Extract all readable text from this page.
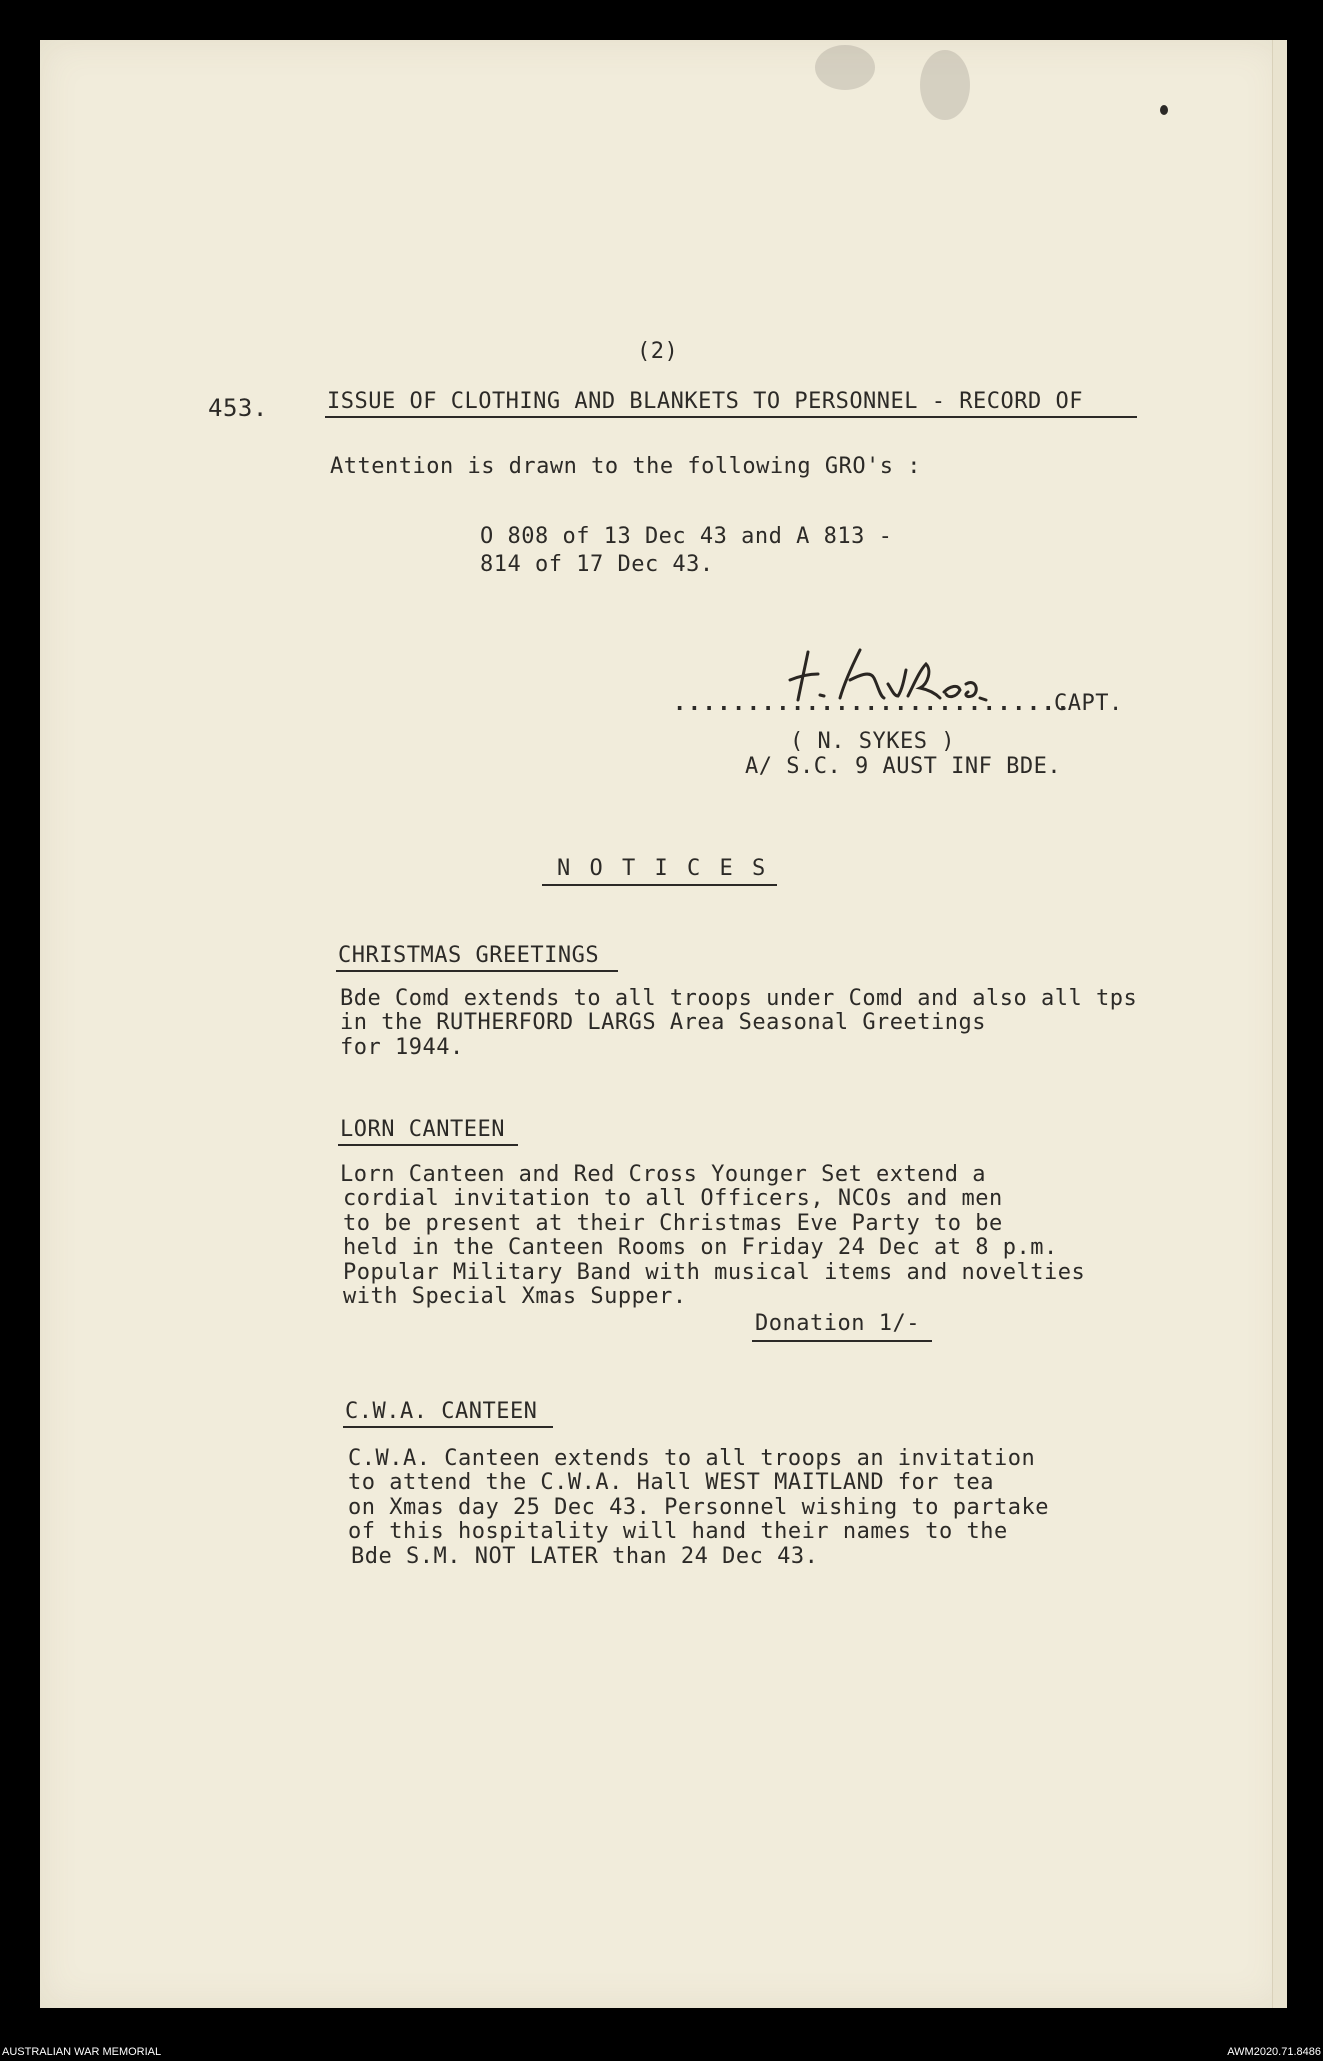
(2)
453.	ISSUE OF CLOTHING AND BLANKETS TO PERSONNEL - RECORD OF
Attention is drawn to the following GRO's :
O 808 of 13 Dec 43 and A 813 -
814 of 17 Dec 43.
...........................
CAPT.
( N. SYKES )
A/ S.C. 9 AUST INF BDE.
N O T I C E S
CHRISTMAS GREETINGS
Bde Comd extends to all troops under Comd and also all tps
in the RUTHERFORD LARGS Area Seasonal Greetings
for 1944.
LORN CANTEEN
Lorn Canteen and Red Cross Younger Set extend a
cordial invitation to all Officers, NCOs and men
to be present at their Christmas Eve Party to be
held in the Canteen Rooms on Friday 24 Dec at 8 p.m.
Popular Military Band with musical items and novelties
with Special Xmas Supper.
Donation 1/-
C.W.A. CANTEEN
C.W.A. Canteen extends to all troops an invitation
to attend the C.W.A. Hall WEST MAITLAND for tea
on Xmas day 25 Dec 43. Personnel wishing to partake
of this hospitality will hand their names to the
Bde S.M. NOT LATER than 24 Dec 43.
AUSTRALIAN WAR MEMORIAL	AWM2020.71.8486
